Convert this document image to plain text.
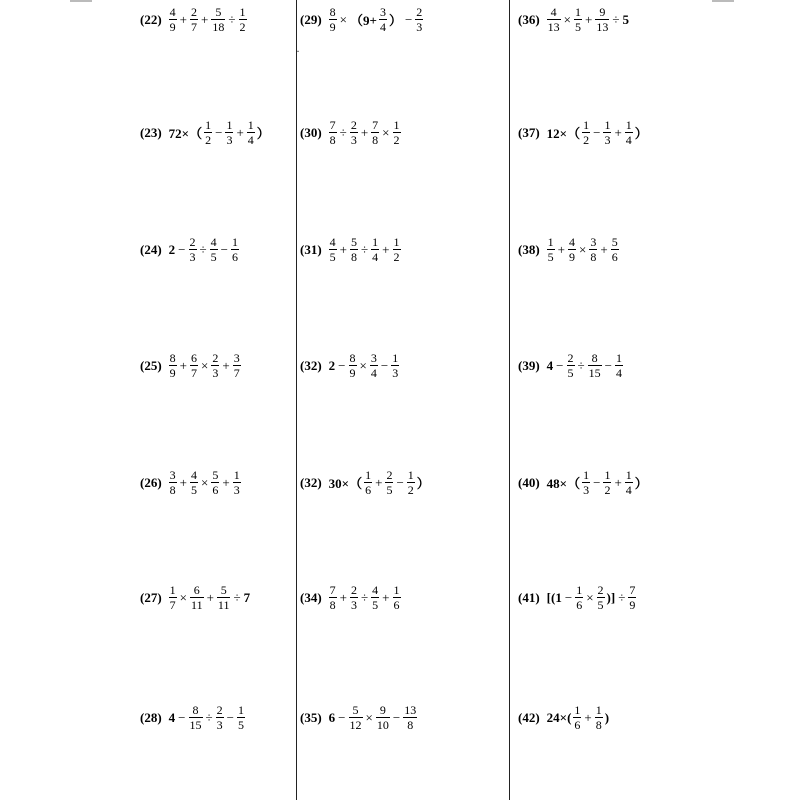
·
$(22) \frac{4}{9} + \frac{2}{7} + \frac{5}{18} \div \frac{1}{2}$
(23) $72\times( \frac{1}{2} - \frac{1}{3} + \frac{1}{4}$ ）
(24) $2 - \frac{2}{3} \div \frac{4}{5} - \frac{1}{6}$
$(25) \frac{8}{9} + \frac{6}{7} \times \frac{2}{3} + \frac{3}{7}$
$(26) \frac{3}{8} + \frac{4}{5} \times \frac{5}{6} + \frac{1}{3}$
$(27) \frac{1}{7} \times \frac{6}{11} + \frac{5}{11} \div 7$
(28) $4 - \frac{8}{15} \div \frac{2}{3} - \frac{1}{5}$
$(29) \frac{8}{9} \times (9+ \frac{3}{4}$ ） − $\frac{2}{3}$
$(30) \frac{7}{8} \div \frac{2}{3} + \frac{7}{8} \times \frac{1}{2}$
$(31) \frac{4}{5} + \frac{5}{8} \div \frac{1}{4} + \frac{1}{2}$
(32) $2 - \frac{8}{9} \times \frac{3}{4} - \frac{1}{3}$
(32) $30\times( \frac{1}{6} + \frac{2}{5} - \frac{1}{2}$ ）
$(34) \frac{7}{8} + \frac{2}{3} \div \frac{4}{5} + \frac{1}{6}$
(35) $6 - \frac{5}{12} \times \frac{9}{10} - \frac{13}{8}$
$(36) \frac{4}{13} \times \frac{1}{5} + \frac{9}{13} \div 5$
(37) $12\times( \frac{1}{2} - \frac{1}{3} + \frac{1}{4}$ ）
$(38) \frac{1}{5} + \frac{4}{9} \times \frac{3}{8} + \frac{5}{6}$
(39) $4 - \frac{2}{5} \div \frac{8}{15} - \frac{1}{4}$
(40) $48\times( \frac{1}{3} - \frac{1}{2} + \frac{1}{4}$ ）
(41) [($1 - \frac{1}{6} \times \frac{2}{5}$ )] ÷ $\frac{7}{9}$
(42) $24\times( \frac{1}{6} + \frac{1}{8}$ )
